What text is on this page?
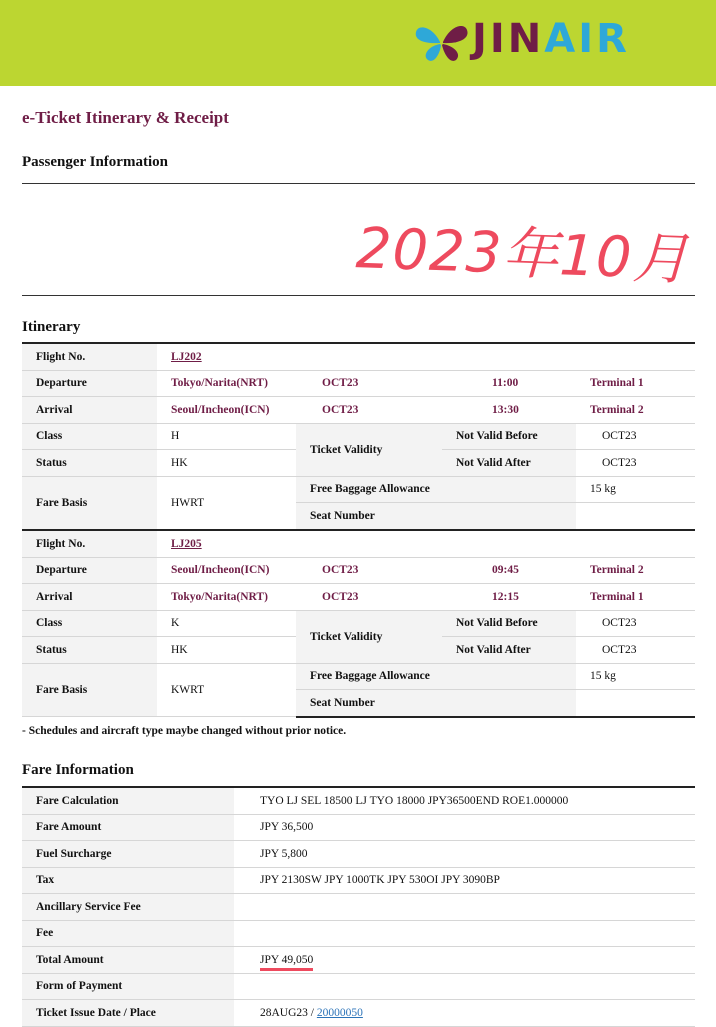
JINAIR
e-Ticket Itinerary & Receipt
Passenger Information
2023年10月
Itinerary
Flight No.	LJ202			
Departure	Tokyo/Narita(NRT)	OCT23	11:00	Terminal 1
Arrival	Seoul/Incheon(ICN)	OCT23	13:30	Terminal 2
Class	H	Ticket Validity	Not Valid Before	OCT23
Status	HK		Not Valid After	OCT23
Fare Basis	HWRT	Free Baggage Allowance		15 kg
		Seat Number		
Flight No.	LJ205			
Departure	Seoul/Incheon(ICN)	OCT23	09:45	Terminal 2
Arrival	Tokyo/Narita(NRT)	OCT23	12:15	Terminal 1
Class	K	Ticket Validity	Not Valid Before	OCT23
Status	HK		Not Valid After	OCT23
Fare Basis	KWRT	Free Baggage Allowance		15 kg
		Seat Number		
- Schedules and aircraft type maybe changed without prior notice.
Fare Information
Fare Calculation	TYO LJ SEL 18500 LJ TYO 18000 JPY36500END ROE1.000000
Fare Amount	JPY 36,500
Fuel Surcharge	JPY 5,800
Tax	JPY 2130SW JPY 1000TK JPY 530OI JPY 3090BP
Ancillary Service Fee	
Fee	
Total Amount	JPY 49,050
Form of Payment	
Ticket Issue Date / Place	28AUG23 / 20000050
